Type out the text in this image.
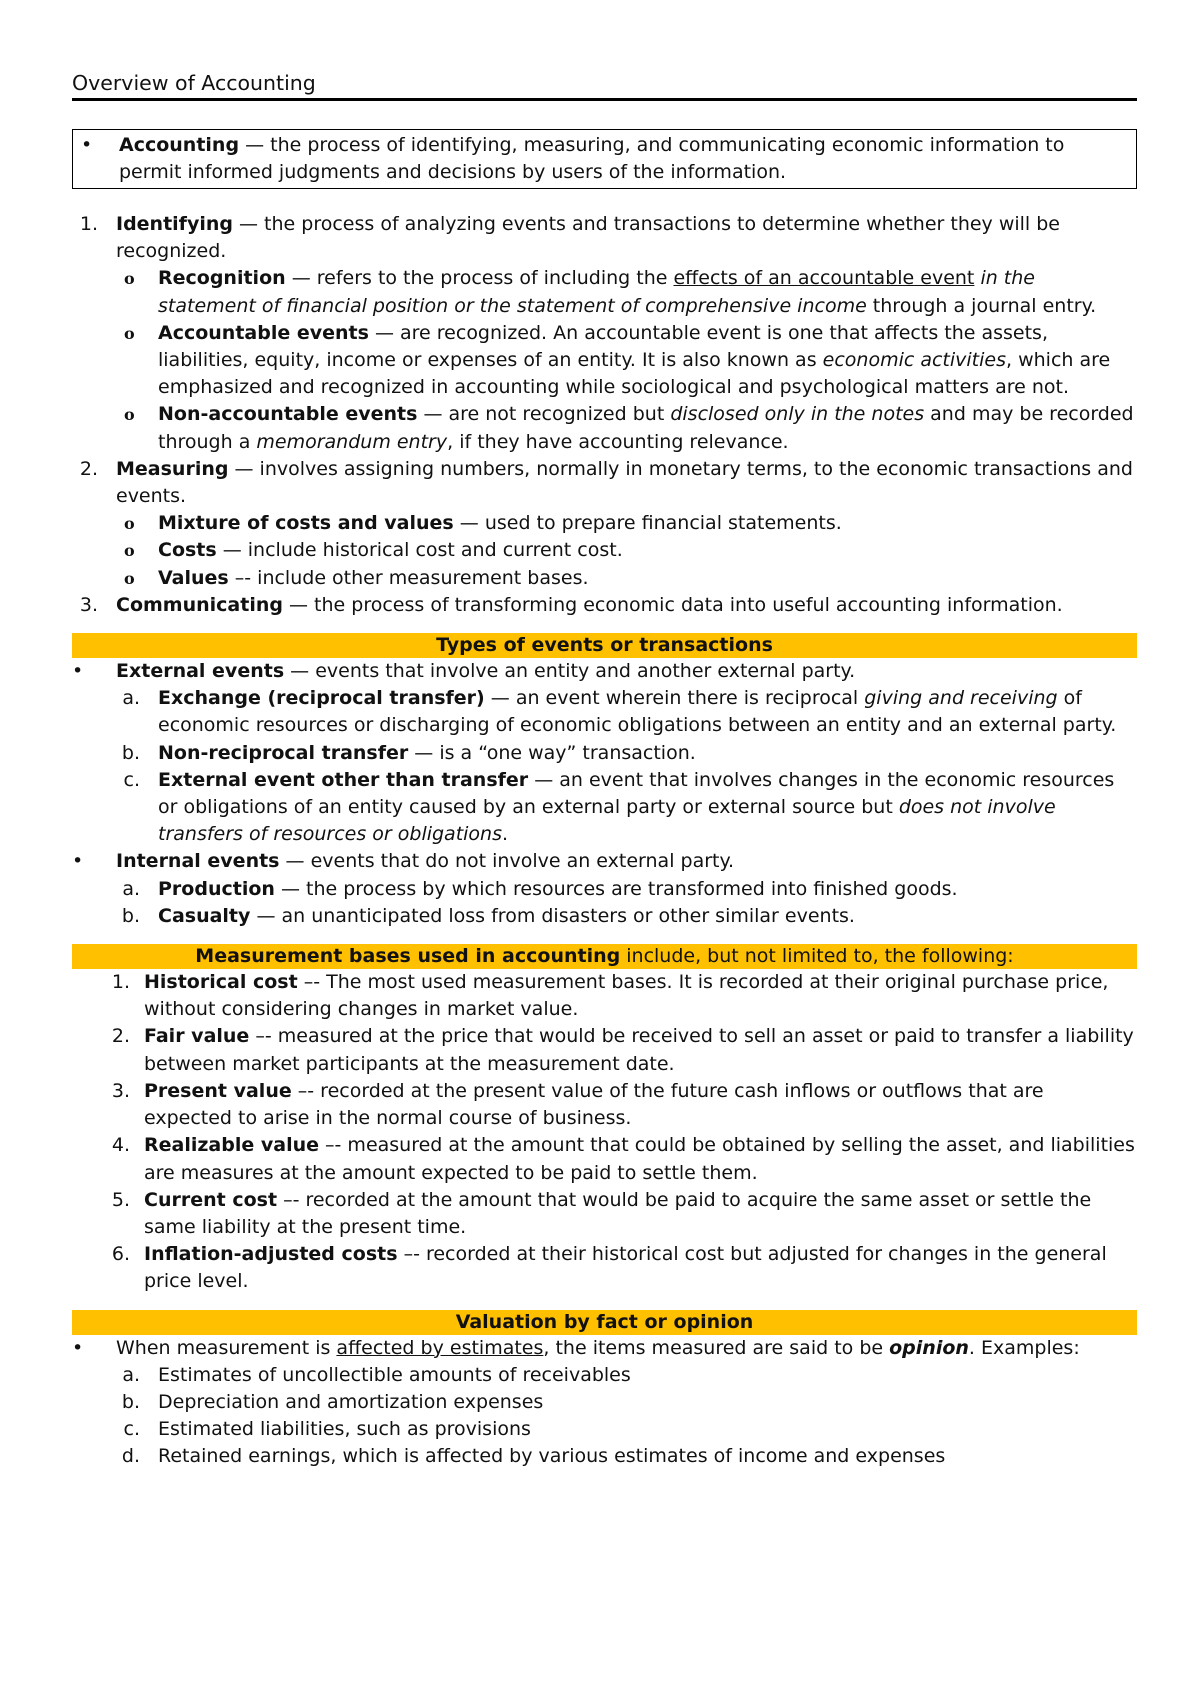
Overview of Accounting
• Accounting — the process of identifying, measuring, and communicating economic information to permit informed judgments and decisions by users of the information.
1. Identifying — the process of analyzing events and transactions to determine whether they will be recognized.
o Recognition — refers to the process of including the effects of an accountable event in the statement of financial position or the statement of comprehensive income through a journal entry.
o Accountable events — are recognized. An accountable event is one that affects the assets, liabilities, equity, income or expenses of an entity. It is also known as economic activities, which are emphasized and recognized in accounting while sociological and psychological matters are not.
o Non-accountable events — are not recognized but disclosed only in the notes and may be recorded through a memorandum entry, if they have accounting relevance.
2. Measuring — involves assigning numbers, normally in monetary terms, to the economic transactions and events.
o Mixture of costs and values — used to prepare financial statements.
o Costs — include historical cost and current cost.
o Values –- include other measurement bases.
3. Communicating — the process of transforming economic data into useful accounting information.
Types of events or transactions
• External events — events that involve an entity and another external party.
a. Exchange (reciprocal transfer) — an event wherein there is reciprocal giving and receiving of economic resources or discharging of economic obligations between an entity and an external party.
b. Non-reciprocal transfer — is a “one way” transaction.
c. External event other than transfer — an event that involves changes in the economic resources or obligations of an entity caused by an external party or external source but does not involve transfers of resources or obligations.
• Internal events — events that do not involve an external party.
a. Production — the process by which resources are transformed into finished goods.
b. Casualty — an unanticipated loss from disasters or other similar events.
Measurement bases used in accounting include, but not limited to, the following:
1. Historical cost –- The most used measurement bases. It is recorded at their original purchase price, without considering changes in market value.
2. Fair value –- measured at the price that would be received to sell an asset or paid to transfer a liability between market participants at the measurement date.
3. Present value –- recorded at the present value of the future cash inflows or outflows that are expected to arise in the normal course of business.
4. Realizable value –- measured at the amount that could be obtained by selling the asset, and liabilities are measures at the amount expected to be paid to settle them.
5. Current cost –- recorded at the amount that would be paid to acquire the same asset or settle the same liability at the present time.
6. Inflation-adjusted costs –- recorded at their historical cost but adjusted for changes in the general price level.
Valuation by fact or opinion
• When measurement is affected by estimates, the items measured are said to be opinion. Examples:
a. Estimates of uncollectible amounts of receivables
b. Depreciation and amortization expenses
c. Estimated liabilities, such as provisions
d. Retained earnings, which is affected by various estimates of income and expenses
